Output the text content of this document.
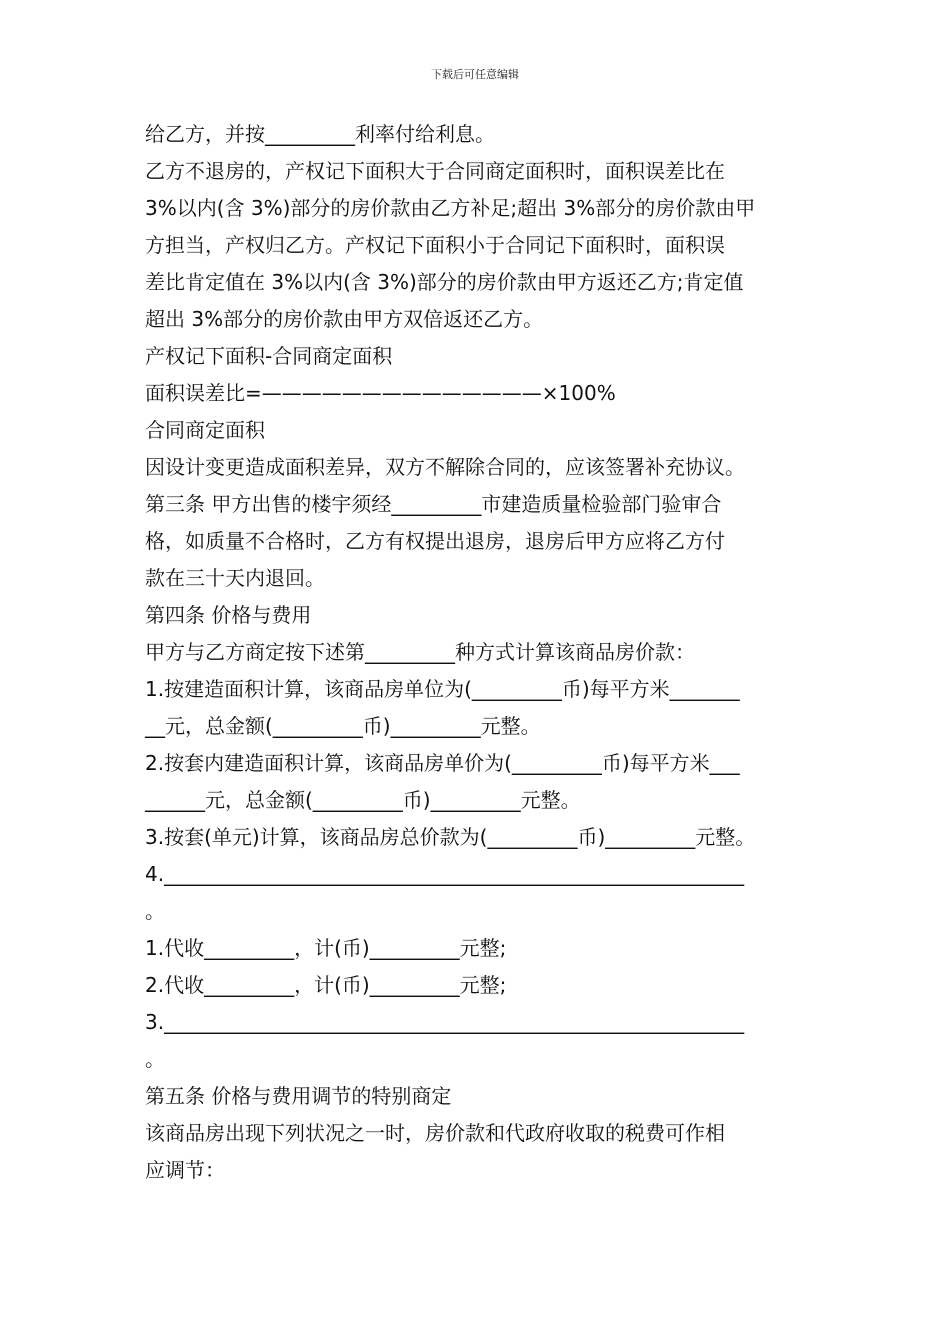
下载后可任意编辑
给乙方，并按_________利率付给利息。
乙方不退房的，产权记下面积大于合同商定面积时，面积误差比在
3%以内(含 3%)部分的房价款由乙方补足;超出 3%部分的房价款由甲
方担当，产权归乙方。产权记下面积小于合同记下面积时，面积误
差比肯定值在 3%以内(含 3%)部分的房价款由甲方返还乙方;肯定值
超出 3%部分的房价款由甲方双倍返还乙方。
产权记下面积-合同商定面积
面积误差比=——————————————×100%
合同商定面积
因设计变更造成面积差异，双方不解除合同的，应该签署补充协议。
第三条 甲方出售的楼宇须经_________市建造质量检验部门验审合
格，如质量不合格时，乙方有权提出退房，退房后甲方应将乙方付
款在三十天内退回。
第四条 价格与费用
甲方与乙方商定按下述第_________种方式计算该商品房价款：
1.按建造面积计算，该商品房单位为(_________币)每平方米_______
__元，总金额(_________币)_________元整。
2.按套内建造面积计算，该商品房单价为(_________币)每平方米___
______元，总金额(_________币)_________元整。
3.按套(单元)计算，该商品房总价款为(_________币)_________元整。
4.__________________________________________________________
。
1.代收_________，计(币)_________元整;
2.代收_________，计(币)_________元整;
3.__________________________________________________________
。
第五条 价格与费用调节的特别商定
该商品房出现下列状况之一时，房价款和代政府收取的税费可作相
应调节：
